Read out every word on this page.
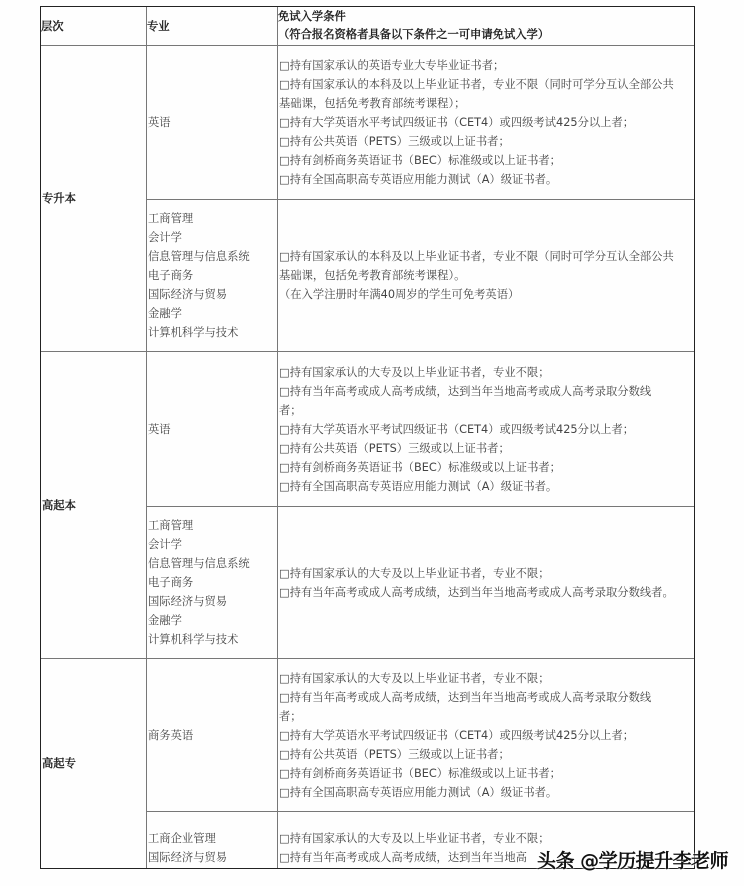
层次	专业
免试入学条件
（符合报名资格者具备以下条件之一可申请免试入学）
专升本
英语
□持有国家承认的英语专业大专毕业证书者；
□持有国家承认的本科及以上毕业证书者，专业不限（同时可学分互认全部公共
基础课，包括免考教育部统考课程）；
□持有大学英语水平考试四级证书（CET4）或四级考试425分以上者；
□持有公共英语（PETS）三级或以上证书者；
□持有剑桥商务英语证书（BEC）标准级或以上证书者；
□持有全国高职高专英语应用能力测试（A）级证书者。
工商管理
会计学
信息管理与信息系统
电子商务
国际经济与贸易
金融学
计算机科学与技术
□持有国家承认的本科及以上毕业证书者，专业不限（同时可学分互认全部公共
基础课，包括免考教育部统考课程）。
（在入学注册时年满40周岁的学生可免考英语）
高起本
英语
□持有国家承认的大专及以上毕业证书者，专业不限；
□持有当年高考或成人高考成绩，达到当年当地高考或成人高考录取分数线
者；
□持有大学英语水平考试四级证书（CET4）或四级考试425分以上者；
□持有公共英语（PETS）三级或以上证书者；
□持有剑桥商务英语证书（BEC）标准级或以上证书者；
□持有全国高职高专英语应用能力测试（A）级证书者。
工商管理
会计学
信息管理与信息系统
电子商务
国际经济与贸易
金融学
计算机科学与技术
□持有国家承认的大专及以上毕业证书者，专业不限；
□持有当年高考或成人高考成绩，达到当年当地高考或成人高考录取分数线者。
高起专
商务英语
□持有国家承认的大专及以上毕业证书者，专业不限；
□持有当年高考或成人高考成绩，达到当年当地高考或成人高考录取分数线
者；
□持有大学英语水平考试四级证书（CET4）或四级考试425分以上者；
□持有公共英语（PETS）三级或以上证书者；
□持有剑桥商务英语证书（BEC）标准级或以上证书者；
□持有全国高职高专英语应用能力测试（A）级证书者。
工商企业管理
国际经济与贸易
□持有国家承认的大专及以上毕业证书者，专业不限；
□持有当年高考或成人高考成绩，达到当年当地高 头条 @学历提升李老师
